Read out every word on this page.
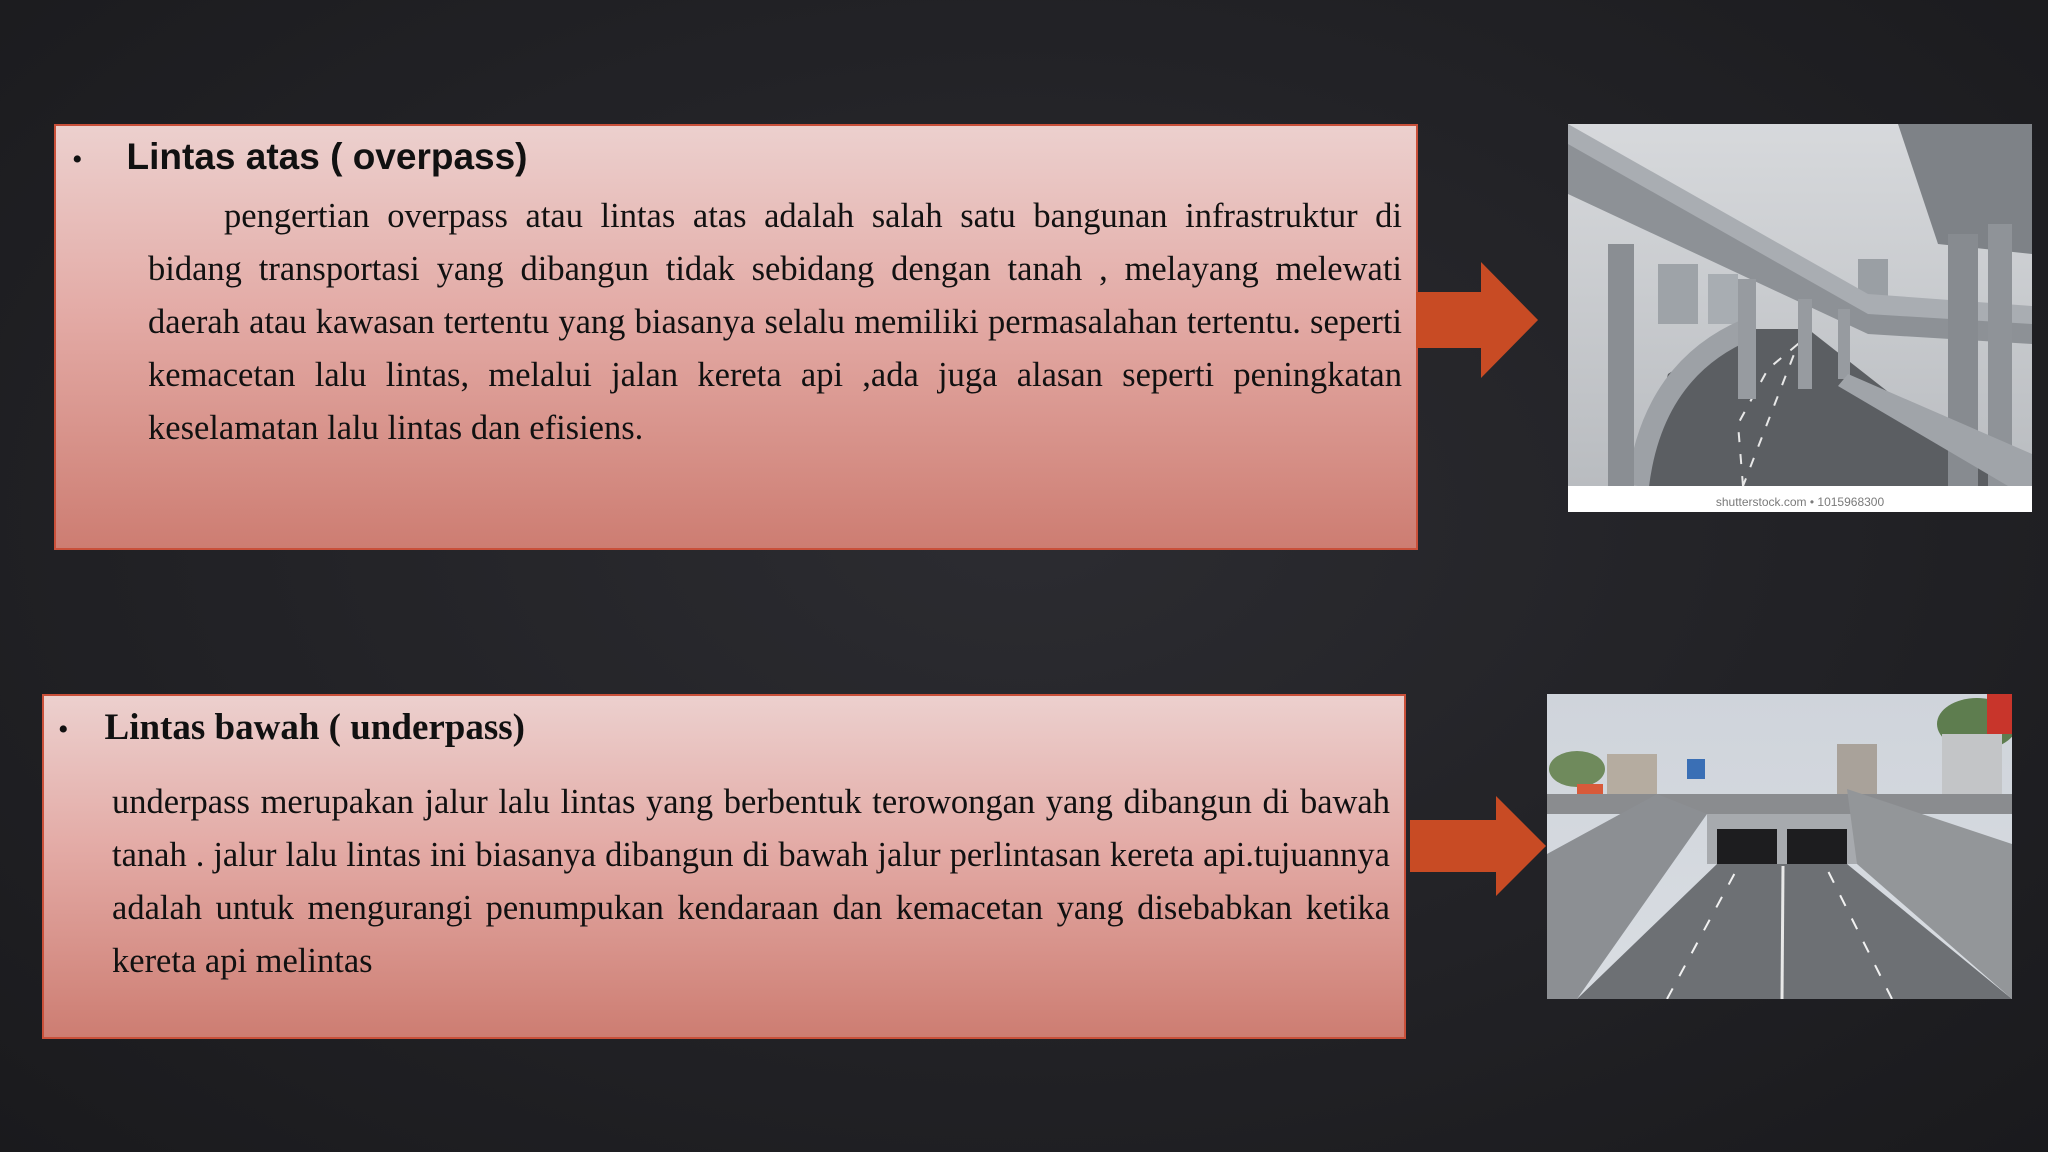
• Lintas atas ( overpass)

pengertian overpass atau lintas atas adalah salah satu bangunan infrastruktur di bidang transportasi yang dibangun tidak sebidang dengan tanah , melayang melewati daerah atau kawasan tertentu yang biasanya selalu memiliki permasalahan tertentu. seperti kemacetan lalu lintas, melalui jalan kereta api ,ada juga alasan seperti peningkatan keselamatan lalu lintas dan efisiens.

shutterstock.com • 1015968300
• Lintas bawah ( underpass)

underpass merupakan jalur lalu lintas yang berbentuk terowongan yang dibangun di bawah tanah . jalur lalu lintas ini biasanya dibangun di bawah jalur perlintasan kereta api.tujuannya adalah untuk mengurangi penumpukan kendaraan dan kemacetan yang disebabkan ketika kereta api melintas
